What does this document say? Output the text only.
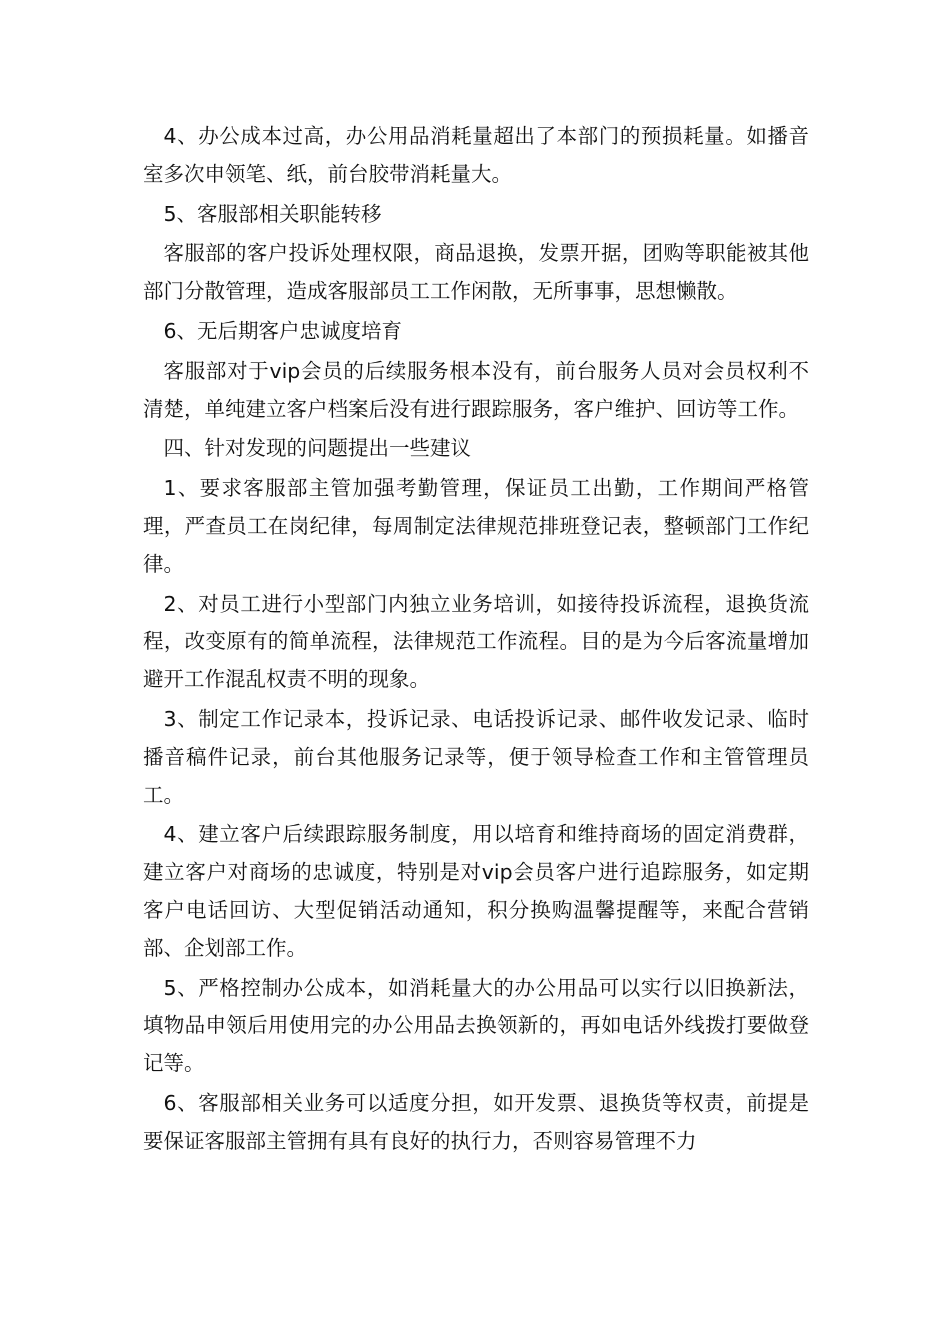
4、办公成本过高，办公用品消耗量超出了本部门的预损耗量。如播音室多次申领笔、纸，前台胶带消耗量大。

5、客服部相关职能转移

客服部的客户投诉处理权限，商品退换，发票开据，团购等职能被其他部门分散管理，造成客服部员工工作闲散，无所事事，思想懒散。

6、无后期客户忠诚度培育

客服部对于vip会员的后续服务根本没有，前台服务人员对会员权利不清楚，单纯建立客户档案后没有进行跟踪服务，客户维护、回访等工作。

四、针对发现的问题提出一些建议

1、要求客服部主管加强考勤管理，保证员工出勤，工作期间严格管理，严查员工在岗纪律，每周制定法律规范排班登记表，整顿部门工作纪律。

2、对员工进行小型部门内独立业务培训，如接待投诉流程，退换货流程，改变原有的简单流程，法律规范工作流程。目的是为今后客流量增加避开工作混乱权责不明的现象。

3、制定工作记录本，投诉记录、电话投诉记录、邮件收发记录、临时播音稿件记录，前台其他服务记录等，便于领导检查工作和主管管理员工。

4、建立客户后续跟踪服务制度，用以培育和维持商场的固定消费群，建立客户对商场的忠诚度，特别是对vip会员客户进行追踪服务，如定期客户电话回访、大型促销活动通知，积分换购温馨提醒等，来配合营销部、企划部工作。

5、严格控制办公成本，如消耗量大的办公用品可以实行以旧换新法，填物品申领后用使用完的办公用品去换领新的，再如电话外线拨打要做登记等。

6、客服部相关业务可以适度分担，如开发票、退换货等权责，前提是要保证客服部主管拥有具有良好的执行力，否则容易管理不力
